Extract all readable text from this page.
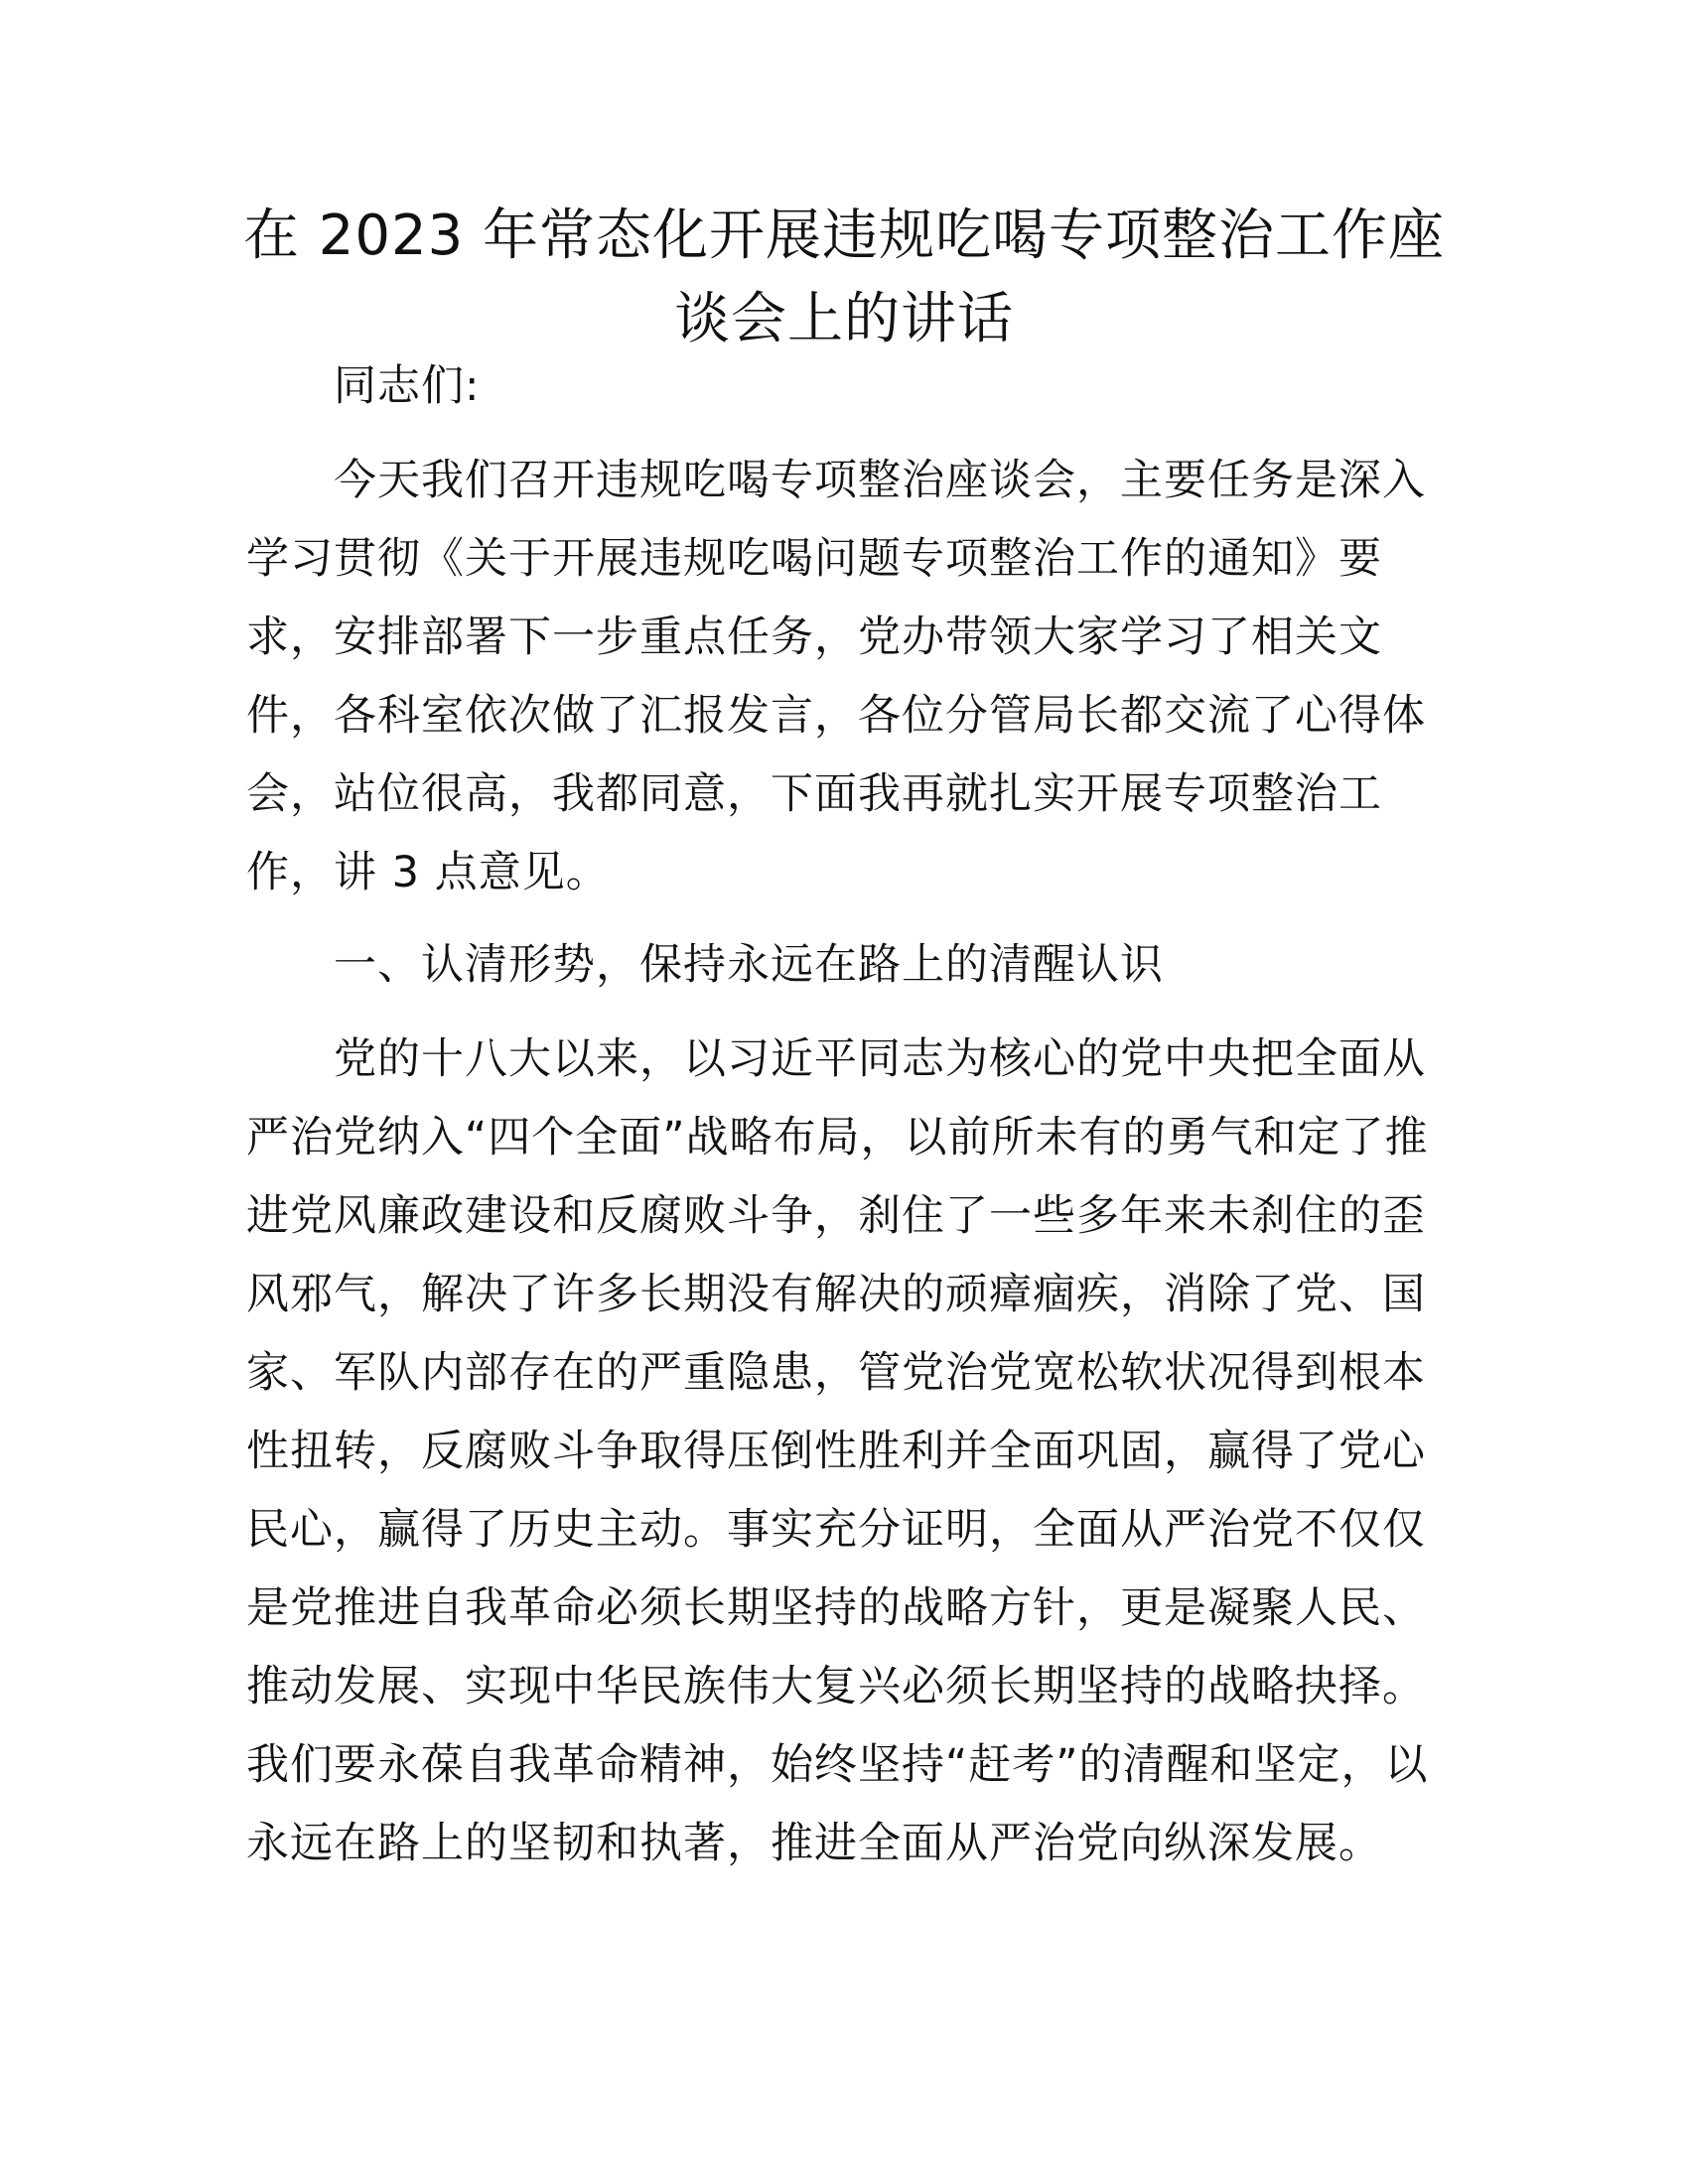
在 2023 年常态化开展违规吃喝专项整治工作座
谈会上的讲话

同志们:

今天我们召开违规吃喝专项整治座谈会，主要任务是深入学习贯彻《关于开展违规吃喝问题专项整治工作的通知》要求，安排部署下一步重点任务，党办带领大家学习了相关文件，各科室依次做了汇报发言，各位分管局长都交流了心得体会，站位很高，我都同意，下面我再就扎实开展专项整治工作，讲 3 点意见。

一、认清形势，保持永远在路上的清醒认识

党的十八大以来，以习近平同志为核心的党中央把全面从严治党纳入“四个全面”战略布局，以前所未有的勇气和定了推进党风廉政建设和反腐败斗争，刹住了一些多年来未刹住的歪风邪气，解决了许多长期没有解决的顽瘴痼疾，消除了党、国家、军队内部存在的严重隐患，管党治党宽松软状况得到根本性扭转，反腐败斗争取得压倒性胜利并全面巩固，赢得了党心民心，赢得了历史主动。事实充分证明，全面从严治党不仅仅是党推进自我革命必须长期坚持的战略方针，更是凝聚人民、推动发展、实现中华民族伟大复兴必须长期坚持的战略抉择。我们要永葆自我革命精神，始终坚持“赶考”的清醒和坚定，以永远在路上的坚韧和执著，推进全面从严治党向纵深发展。
